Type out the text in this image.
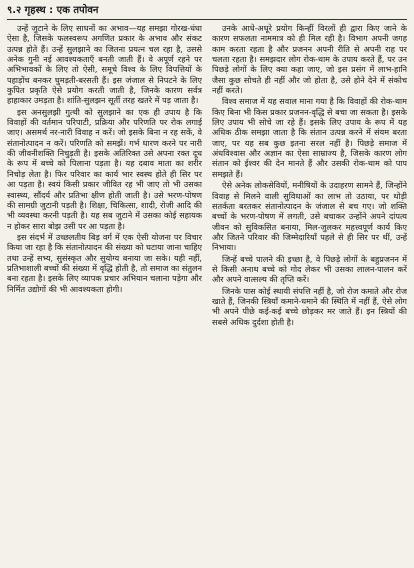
९.२ गृहस्थ : एक तपोवन

उन्हें जुटाने के लिए साधनों का अभाव—यह समझा गोरख-धंधा ऐसा है, जिसके फलस्वरूप अगणित प्रकार के अभाव और संकट उत्पन्न होते हैं। उन्हें सुलझाने का जितना प्रयत्न चल रहा है, उससे अनेक गुनी नई आवश्यकताएँ बनती जाती हैं। वे अपूर्ण रहने पर अभिभावकों के लिए तो ऐसी, समूचे विश्व के लिए विपत्तियों के पहाड़ोंच बनकर घुमड़ती-बरसती हैं। इस जंजाल से निपटने के लिए कुपित प्रकृति ऐसे प्रयोग करती जाती है, जिनके कारण सर्वत्र हाहाकार उमड़ता है। शांति-सुलझन सूर्ती तरह खतरे में पड़ जाता है।

इस अनसुलझी गुत्थी को सुलझाने का एक ही उपाय है कि विवाहों की वर्तमान परिपाटी, प्रक्रिया और परिणति पर रोक लगाई जाए। असमर्थ नर-नारी विवाह न करें। जो इसके बिना न रह सकें, वे संतानोत्पादन न करें। परिणति को समझें। गर्भ धारण करने पर नारी की जीवनीशक्ति निचुड़ती है। इसके अतिरिक्त उसे अपना रक्त दूध के रूप में बच्चे को पिलाना पड़ता है। यह दबाव माता का शरीर निचोड़ लेता है। फिर परिवार का कार्य भार स्वस्थ होते ही सिर पर आ पड़ता है। स्वयं किसी प्रकार जीवित रह भी जाए तो भी उसका स्वास्थ्य, सौंदर्य और प्रतिभा क्षीण होती जाती है। उसे भरण-पोषण की सामग्री जुटानी पड़ती है। शिक्षा, चिकित्सा, शादी, रोजी आदि की भी व्यवस्था करनी पड़ती है। यह सब जुटाने में उसका कोई सहायक न होकर सारा बोझ उसी पर आ पड़ता है।

इस संदर्भ में उच्छलतीय बिड़ वर्ग में एक ऐसी योजना पर विचार किया जा रहा है कि संतानोत्पादन की संख्या को घटाया जाना चाहिए तथा उन्हें सभ्य, सुसंस्कृत और सुयोग्य बनाया जा सके। यही नहीं, प्रतिभाशाली बच्चों की संख्या में वृद्धि होती है, तो समाज का संतुलन बना रहता है। इसके लिए व्यापक प्रचार अभियान चलाना पड़ेगा और निर्मित उद्योगों की भी आवश्यकता होगी।

उनके आधे-अधूरे प्रयोग किन्हीं विरलों ही द्वारा किए जाने के कारण सफलता नाममात्र को ही मिल रही है। विभाग अपनी जगह काम करता रहता है और प्रजनन अपनी रीति से अपनी राह पर चलता रहता है। समझदार लोग रोक-थाम के उपाय करते हैं, पर उन पिछड़े लोगों के लिए क्या कहा जाए, जो इस प्रसंग में लाभ-हानि जैसा कुछ सोचते ही नहीं और जो होता है, उसे होने देने में संकोच नहीं करते।

विश्व समाज में यह सवाल माना गया है कि विवाहों की रोक-थाम किए बिना भी किस प्रकार प्रजनन-वृद्धि से बचा जा सकता है। इसके लिए उपाय भी सोचे जा रहे हैं। इसके लिए उपाय के रूप में यह अधिक ठीक समझा जाता है कि संतान उत्पन्न करने में संयम बरता जाए, पर यह सब कुछ इतना सरल नहीं है। पिछड़े समाज में अंधविश्वास और अज्ञान का ऐसा साम्राज्य है, जिसके कारण लोग संतान को ईश्वर की देन मानते हैं और उसकी रोक-थाम को पाप समझते हैं।

ऐसे अनेक लोकसेवियों, मनीषियों के उदाहरण सामने हैं, जिन्होंने विवाह से मिलने वाली सुविधाओं का लाभ तो उठाया, पर थोड़ी सतर्कता बरतकर संतानोत्पादन के जंजाल से बच गए। जो शक्ति बच्चों के भरण-पोषण में लगती, उसे बचाकर उन्होंने अपने दांपत्य जीवन को सुविकसित बनाया, मिल-जुलकर महत्त्वपूर्ण कार्य किए और जितने परिवार की जिम्मेदारियाँ पहले से ही सिर पर थीं, उन्हें निभाया।

जिन्हें बच्चे पालने की इच्छा है, वे पिछड़े लोगों के बहुप्रजनन में से किसी अनाथ बच्चे को गोद लेकर भी उसका लालन-पालन करें और अपने वात्सल्य की तृप्ति करें।

जिनके पास कोई स्थायी संपत्ति नहीं है, जो रोज कमाते और रोज खाते हैं, जिनकी स्त्रियाँ कमाने-धमाने की स्थिति में नहीं हैं, ऐसे लोग भी अपने पीछे कई-कई बच्चे छोड़कर मर जाते हैं। इन स्त्रियों की सबसे अधिक दुर्दशा होती है।
